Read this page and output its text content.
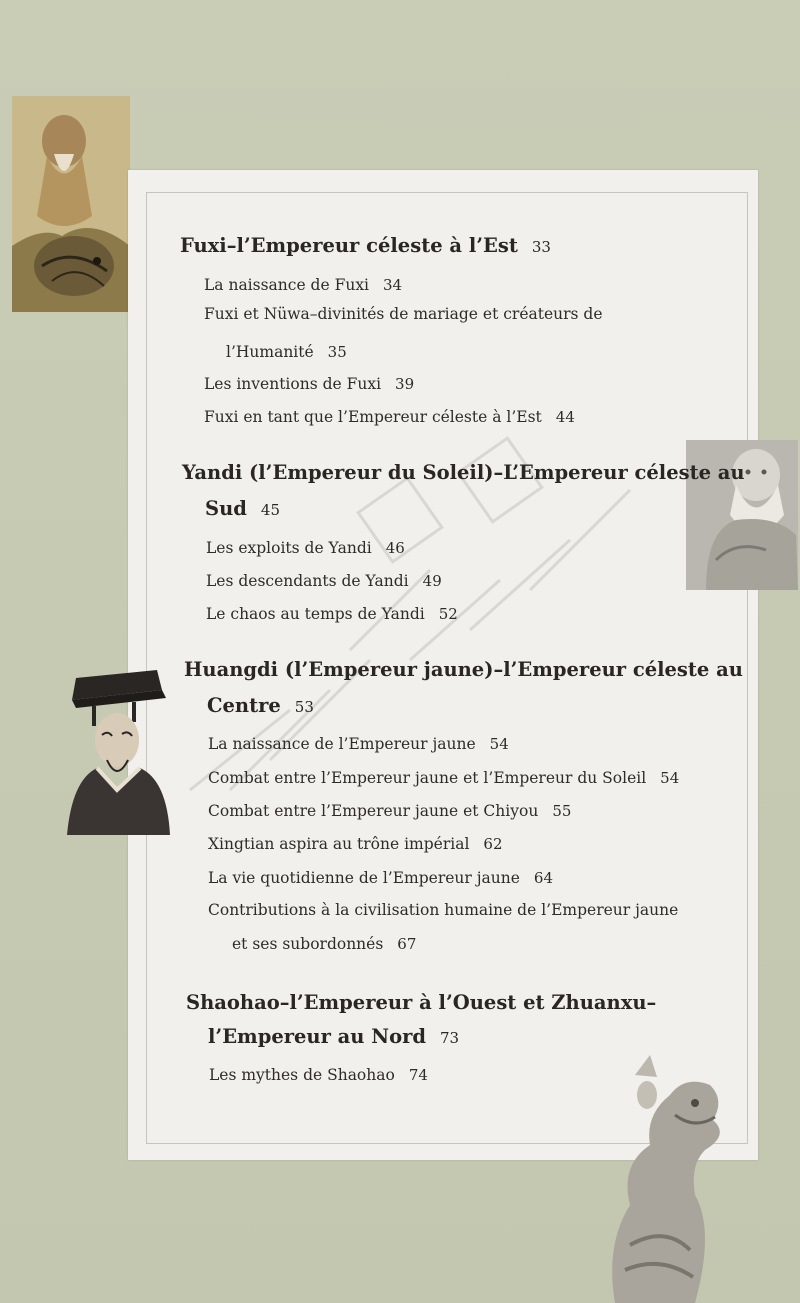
Fuxi–l’Empereur céleste à l’Est 33
La naissance de Fuxi 34
Fuxi et Nüwa–divinités de mariage et créateurs de
l’Humanité 35
Les inventions de Fuxi 39
Fuxi en tant que l’Empereur céleste à l’Est 44
Yandi (l’Empereur du Soleil)–L’Empereur céleste au
Sud 45
Les exploits de Yandi 46
Les descendants de Yandi 49
Le chaos au temps de Yandi 52
Huangdi (l’Empereur jaune)–l’Empereur céleste au
Centre 53
La naissance de l’Empereur jaune 54
Combat entre l’Empereur jaune et l’Empereur du Soleil 54
Combat entre l’Empereur jaune et Chiyou 55
Xingtian aspira au trône impérial 62
La vie quotidienne de l’Empereur jaune 64
Contributions à la civilisation humaine de l’Empereur jaune
et ses subordonnés 67
Shaohao–l’Empereur à l’Ouest et Zhuanxu–
l’Empereur au Nord 73
Les mythes de Shaohao 74
